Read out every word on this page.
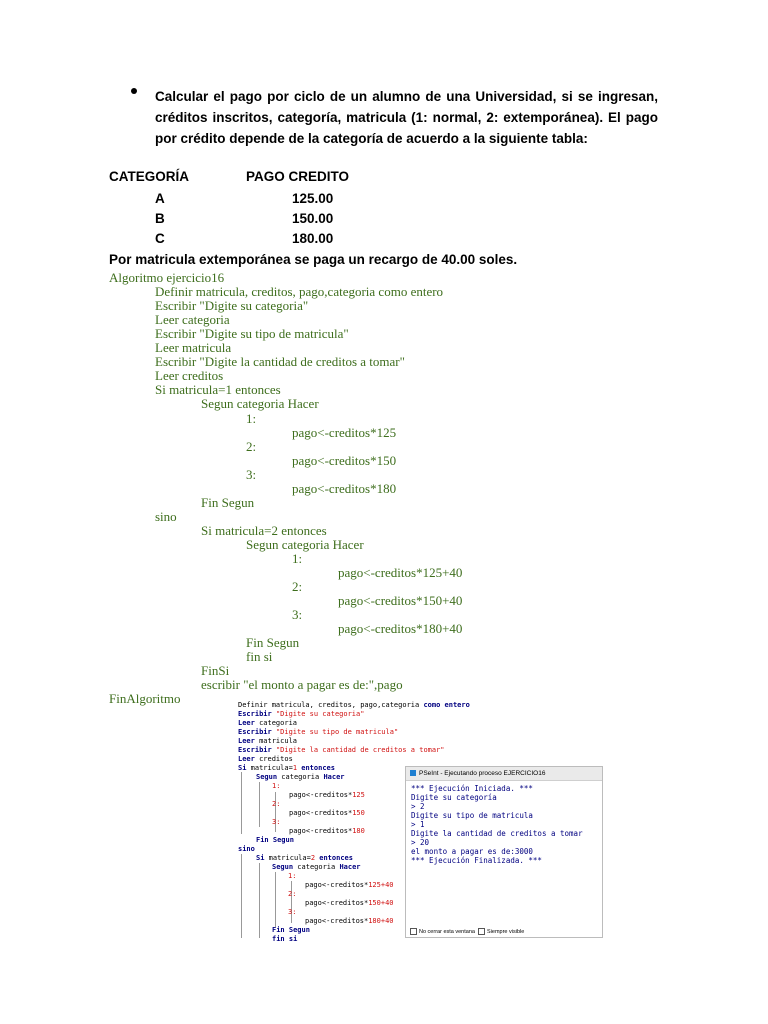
Calcular el pago por ciclo de un alumno de una Universidad, si se ingresan,
créditos inscritos, categoría, matricula (1: normal, 2: extemporánea). El pago
por crédito depende de la categoría de acuerdo a la siguiente tabla:
CATEGORÍA	PAGO CREDITO
A	125.00
B	150.00
C	180.00
Por matricula extemporánea se paga un recargo de 40.00 soles.
Algoritmo ejercicio16
Definir matricula, creditos, pago,categoria como entero
Escribir "Digite su categoria"
Leer categoria
Escribir "Digite su tipo de matricula"
Leer matricula
Escribir "Digite la cantidad de creditos a tomar"
Leer creditos
Si matricula=1 entonces
Segun categoria Hacer
1:
pago<-creditos*125
2:
pago<-creditos*150
3:
pago<-creditos*180
Fin Segun
sino
Si matricula=2 entonces
Segun categoria Hacer
1:
pago<-creditos*125+40
2:
pago<-creditos*150+40
3:
pago<-creditos*180+40
Fin Segun
fin si
FinSi
escribir "el monto a pagar es de:",pago
FinAlgoritmo	Definir matricula, creditos, pago,categoria como entero
Escribir "Digite su categoria"
Leer categoria
Escribir "Digite su tipo de matricula"
Leer matricula
Escribir "Digite la cantidad de creditos a tomar"
Leer creditos
Si matricula=1 entonces
Segun categoria Hacer
1:
pago<-creditos*125
2:
pago<-creditos*150
3:
pago<-creditos*180
Fin Segun
sino
Si matricula=2 entonces
Segun categoria Hacer
1:
pago<-creditos*125+40
2:
pago<-creditos*150+40
3:
pago<-creditos*180+40
Fin Segun
fin si
PSeInt - Ejecutando proceso EJERCICIO16
*** Ejecución Iniciada. ***
Digite su categoría
> 2
Digite su tipo de matricula
> 1
Digite la cantidad de creditos a tomar
> 20
el monto a pagar es de:3000
*** Ejecución Finalizada. ***
No cerrar esta ventana Siempre visible
